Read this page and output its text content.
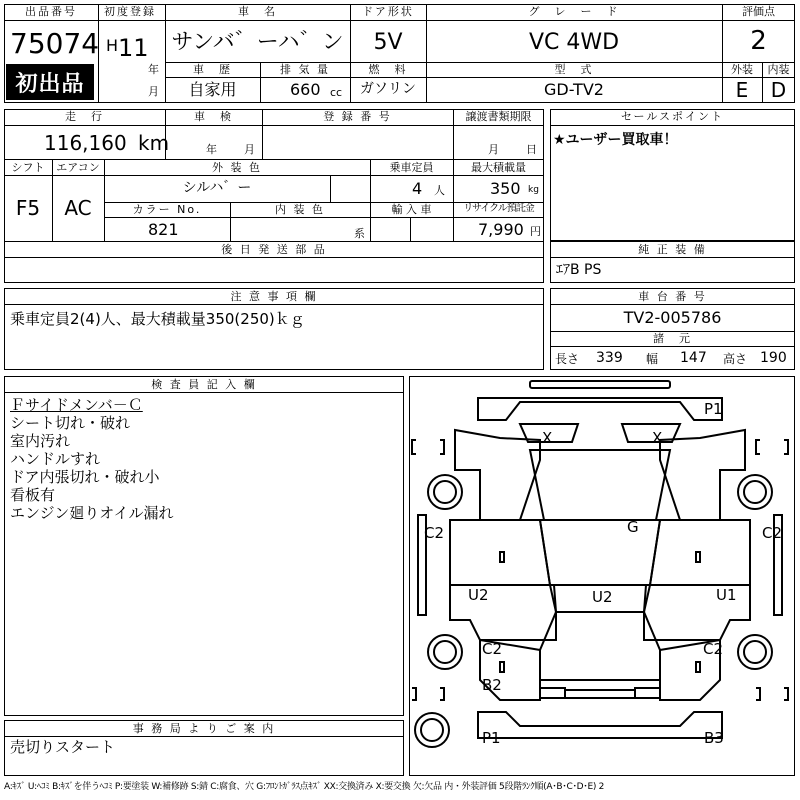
出品番号
75074
初出品
初度登録
H 11
年
月
車　名
サンバ゛ーハ゛ン
ドア形状
5V
グ　レ　ー　ド
VC 4WD
評価点
2
車　歴
自家用
排 気 量
660 cc
燃　料
ガソリン
型　式
GD-TV2
外装	内装
E	D
走　行
116,160 km
車　検
年 月
登 録 番 号	譲渡書類期限
月 日
シフト
F5
エアコン
AC
外 装 色
シルハ゛ー
乗車定員
4 人
最大積載量
350 kg
カラー No.
821
内 装 色
系
輸 入 車	リサイクル預託金
7,990 円
後 日 発 送 部 品
セールスポイント
★ユーザー買取車！
純 正 装 備
ｴｱB PS
注 意 事 項 欄
乗車定員2(4)人、最大積載量350(250)ｋｇ
車 台 番 号
TV2-005786
諸　元
長さ 339 幅 147 高さ 190
検 査 員 記 入 欄
Ｆサイドメンバ－Ｃ
シート切れ・破れ
室内汚れ
ハンドルすれ
ドア内張切れ・破れ小
看板有
エンジン廻りオイル漏れ
事 務 局 よ り ご 案 内
売切りスタート
P1
X	X
G
C2	C2
U2	U2	U1
C2	C2
B2
P1	B3
A:ｷｽﾞ U:ﾍｺﾐ B:ｷｽﾞを伴うﾍｺﾐ P:要塗装 W:補修跡 S:錆 C:腐食、穴 G:ﾌﾛﾝﾄｶﾞﾗｽ点ｷｽﾞ XX:交換済み X:要交換 欠:欠品 内・外装評価 5段階ﾗﾝｸ順(A･B･C･D･E) 2
